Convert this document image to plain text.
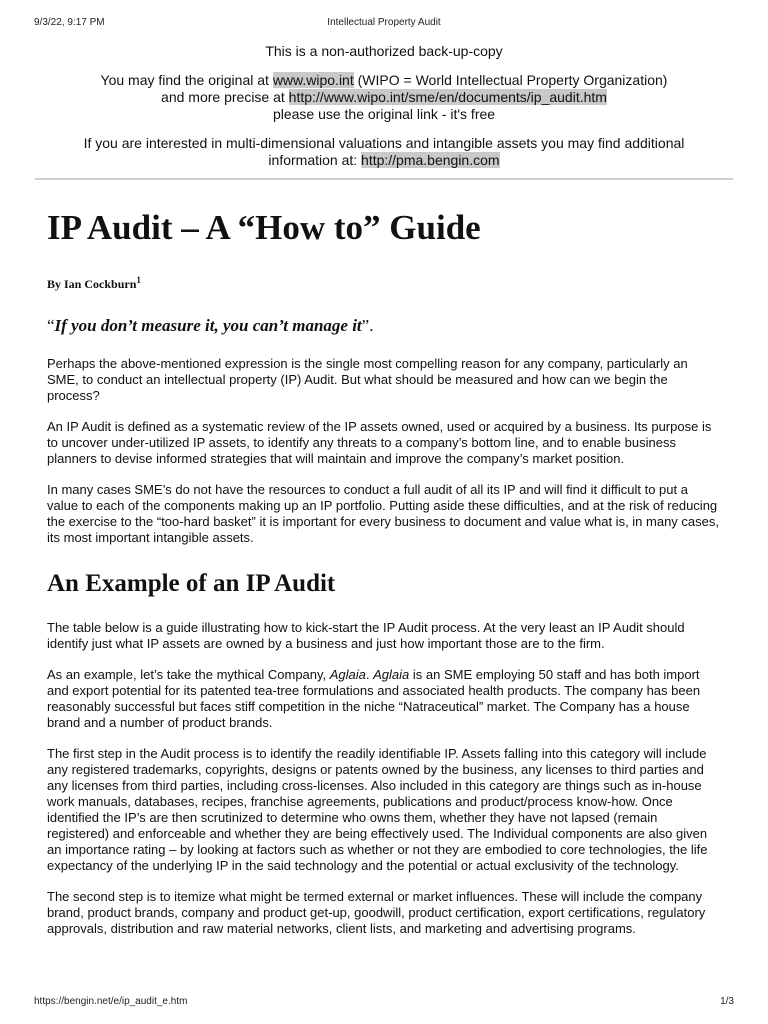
9/3/22, 9:17 PM	Intellectual Property Audit

This is a non-authorized back-up-copy

You may find the original at www.wipo.int (WIPO = World Intellectual Property Organization)

and more precise at http://www.wipo.int/sme/en/documents/ip_audit.htm

please use the original link - it's free

If you are interested in multi-dimensional valuations and intangible assets you may find additional

information at: http://pma.bengin.com

IP Audit – A “How to” Guide
By Ian Cockburn$^1$
“If you don’t measure it, you can’t manage it”.

Perhaps the above-mentioned expression is the single most compelling reason for any company, particularly an SME, to conduct an intellectual property (IP) Audit. But what should be measured and how can we begin the process?

An IP Audit is defined as a systematic review of the IP assets owned, used or acquired by a business. Its purpose is to uncover under-utilized IP assets, to identify any threats to a company’s bottom line, and to enable business planners to devise informed strategies that will maintain and improve the company’s market position.

In many cases SME’s do not have the resources to conduct a full audit of all its IP and will find it difficult to put a value to each of the components making up an IP portfolio. Putting aside these difficulties, and at the risk of reducing the exercise to the “too-hard basket” it is important for every business to document and value what is, in many cases, its most important intangible assets.

An Example of an IP Audit

The table below is a guide illustrating how to kick-start the IP Audit process. At the very least an IP Audit should identify just what IP assets are owned by a business and just how important those are to the firm.

As an example, let’s take the mythical Company, Aglaia. Aglaia is an SME employing 50 staff and has both import and export potential for its patented tea-tree formulations and associated health products. The company has been reasonably successful but faces stiff competition in the niche “Natraceutical” market. The Company has a house brand and a number of product brands.

The first step in the Audit process is to identify the readily identifiable IP. Assets falling into this category will include any registered trademarks, copyrights, designs or patents owned by the business, any licenses to third parties and any licenses from third parties, including cross-licenses. Also included in this category are things such as in-house work manuals, databases, recipes, franchise agreements, publications and product/process know-how. Once identified the IP’s are then scrutinized to determine who owns them, whether they have not lapsed (remain registered) and enforceable and whether they are being effectively used. The Individual components are also given an importance rating – by looking at factors such as whether or not they are embodied to core technologies, the life expectancy of the underlying IP in the said technology and the potential or actual exclusivity of the technology.

The second step is to itemize what might be termed external or market influences. These will include the company brand, product brands, company and product get-up, goodwill, product certification, export certifications, regulatory approvals, distribution and raw material networks, client lists, and marketing and advertising programs.

https://bengin.net/e/ip_audit_e.htm	1/3
